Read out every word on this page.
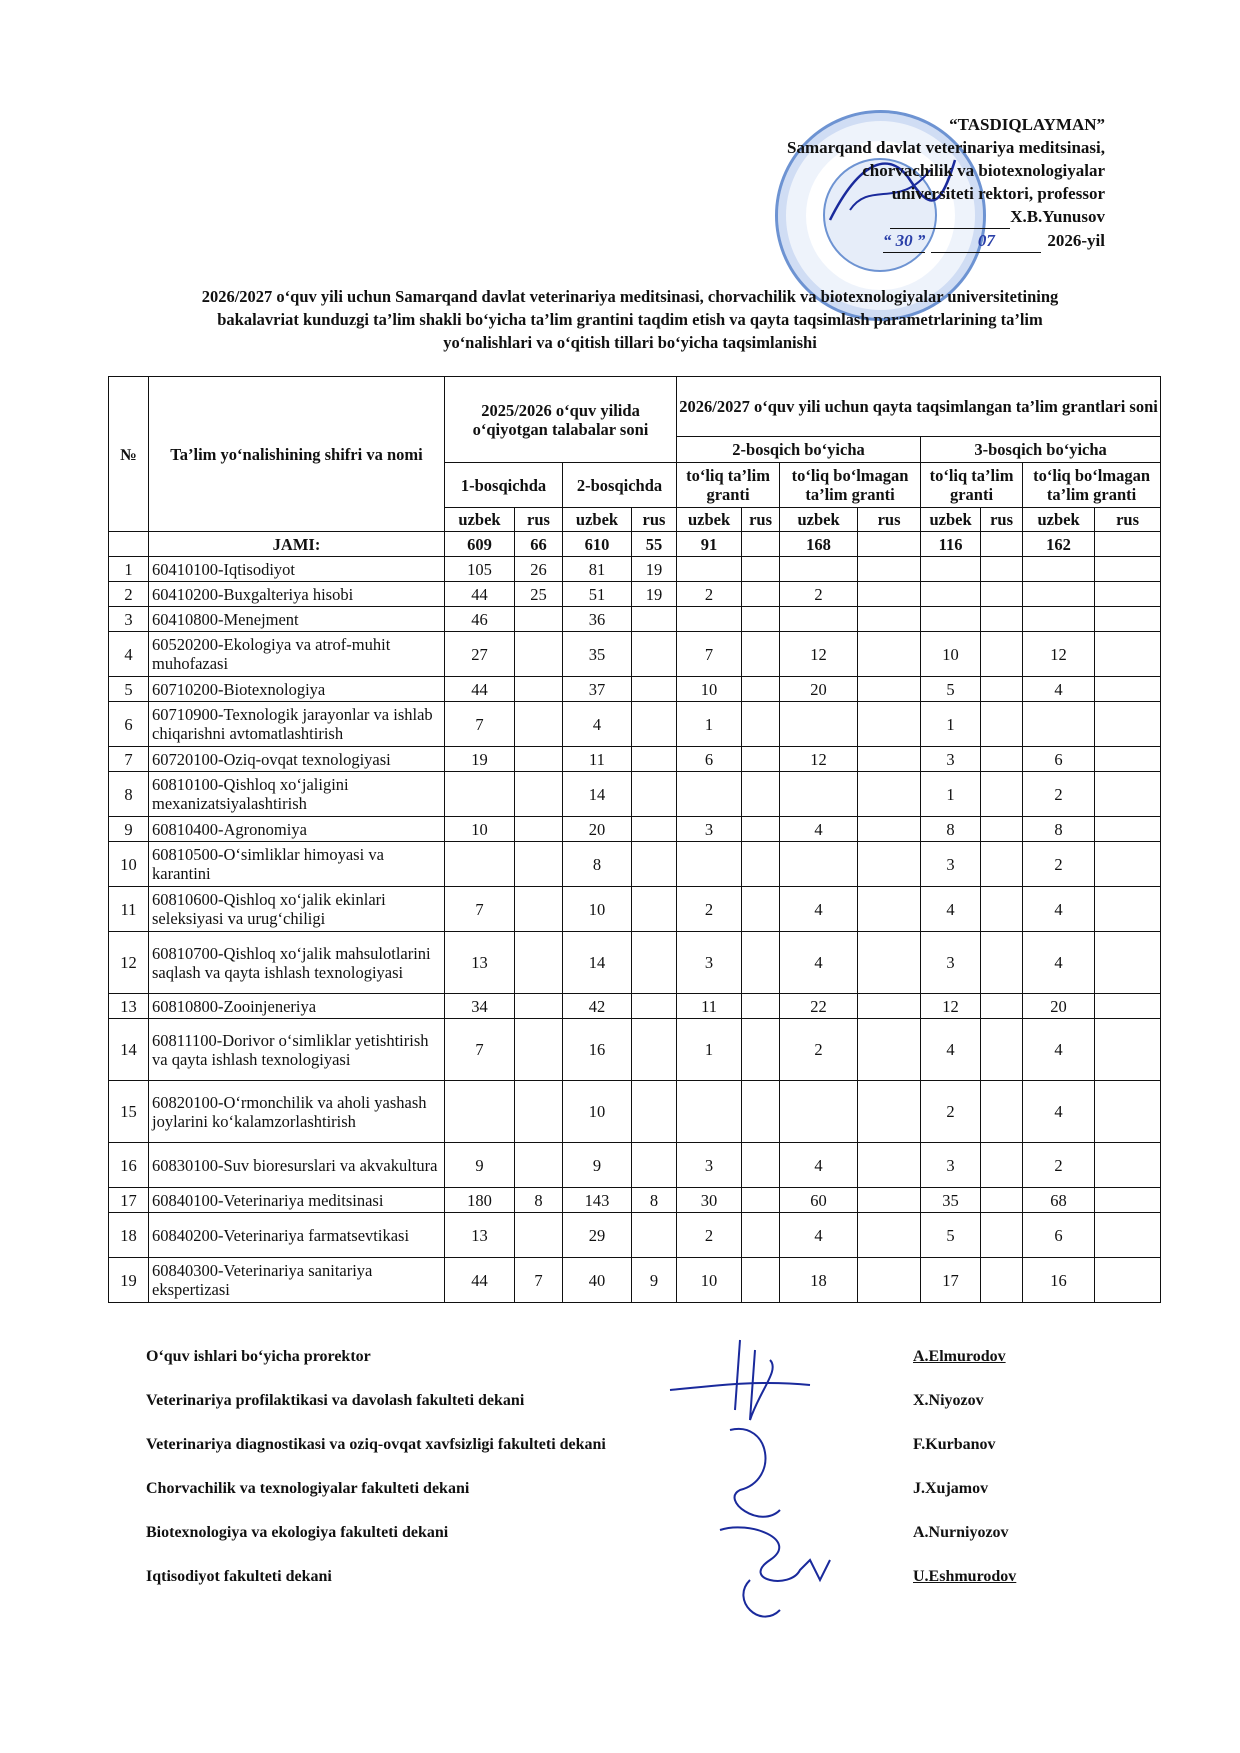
“TASDIQLAYMAN”
Samarqand davlat veterinariya meditsinasi,
chorvachilik va biotexnologiyalar
universiteti rektori, professor
X.B.Yunusov
“ 30 ”	07	2026-yil
2026/2027 o‘quv yili uchun Samarqand davlat veterinariya meditsinasi, chorvachilik va biotexnologiyalar universitetining
bakalavriat kunduzgi ta’lim shakli bo‘yicha ta’lim grantini taqdim etish va qayta taqsimlash parametrlarining ta’lim
yo‘nalishlari va o‘qitish tillari bo‘yicha taqsimlanishi
№	Ta’lim yo‘nalishining shifri va nomi	2025/2026 o‘quv yilida o‘qiyotgan talabalar soni				2026/2027 o‘quv yili uchun qayta taqsimlangan ta’lim grantlari soni							
						2-bosqich bo‘yicha				3-bosqich bo‘yicha			
		1-bosqichda		2-bosqichda		to‘liq ta’lim granti		to‘liq bo‘lmagan ta’lim granti		to‘liq ta’lim granti		to‘liq bo‘lmagan ta’lim granti	
		uzbek	rus	uzbek	rus	uzbek	rus	uzbek	rus	uzbek	rus	uzbek	rus
	JAMI:	609	66	610	55	91		168		116		162	
1	60410100-Iqtisodiyot	105	26	81	19								
2	60410200-Buxgalteriya hisobi	44	25	51	19	2		2					
3	60410800-Menejment	46		36									
4	60520200-Ekologiya va atrof-muhit muhofazasi	27		35		7		12		10		12	
5	60710200-Biotexnologiya	44		37		10		20		5		4	
6	60710900-Texnologik jarayonlar va ishlab chiqarishni avtomatlashtirish	7		4		1				1			
7	60720100-Oziq-ovqat texnologiyasi	19		11		6		12		3		6	
8	60810100-Qishloq xo‘jaligini mexanizatsiyalashtirish			14						1		2	
9	60810400-Agronomiya	10		20		3		4		8		8	
10	60810500-O‘simliklar himoyasi va karantini			8						3		2	
11	60810600-Qishloq xo‘jalik ekinlari seleksiyasi va urug‘chiligi	7		10		2		4		4		4	
12	60810700-Qishloq xo‘jalik mahsulotlarini saqlash va qayta ishlash texnologiyasi	13		14		3		4		3		4	
13	60810800-Zooinjeneriya	34		42		11		22		12		20	
14	60811100-Dorivor o‘simliklar yetishtirish va qayta ishlash texnologiyasi	7		16		1		2		4		4	
15	60820100-O‘rmonchilik va aholi yashash joylarini ko‘kalamzorlashtirish			10						2		4	
16	60830100-Suv bioresurslari va akvakultura	9		9		3		4		3		2	
17	60840100-Veterinariya meditsinasi	180	8	143	8	30		60		35		68	
18	60840200-Veterinariya farmatsevtikasi	13		29		2		4		5		6	
19	60840300-Veterinariya sanitariya ekspertizasi	44	7	40	9	10		18		17		16	
O‘quv ishlari bo‘yicha prorektor	A.Elmurodov
Veterinariya profilaktikasi va davolash fakulteti dekani	X.Niyozov
Veterinariya diagnostikasi va oziq-ovqat xavfsizligi fakulteti dekani	F.Kurbanov
Chorvachilik va texnologiyalar fakulteti dekani	J.Xujamov
Biotexnologiya va ekologiya fakulteti dekani	A.Nurniyozov
Iqtisodiyot fakulteti dekani	U.Eshmurodov
